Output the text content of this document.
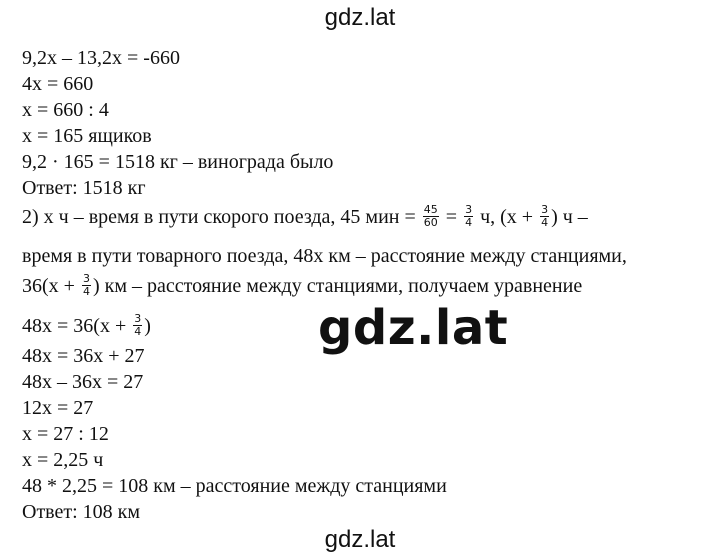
gdz.lat
9,2x – 13,2x = -660
4x = 660
x = 660 : 4
x = 165 ящиков
9,2 · 165 = 1518 кг – винограда было
Ответ: 1518 кг
2) x ч – время в пути скорого поезда, 45 мин = $\frac{45}{60} = \frac{3}{4} ч$, ($x + \frac{3}{4}$ ) ч –
время в пути товарного поезда, 48x км – расстояние между станциями,
$36(x + \frac{3}{4}$ ) км – расстояние между станциями, получаем уравнение
$48x = 36(x + \frac{3}{4}$ )	gdz.lat
48x = 36x + 27
48x – 36x = 27
12x = 27
x = 27 : 12
x = 2,25 ч
48 * 2,25 = 108 км – расстояние между станциями
Ответ: 108 км
gdz.lat
